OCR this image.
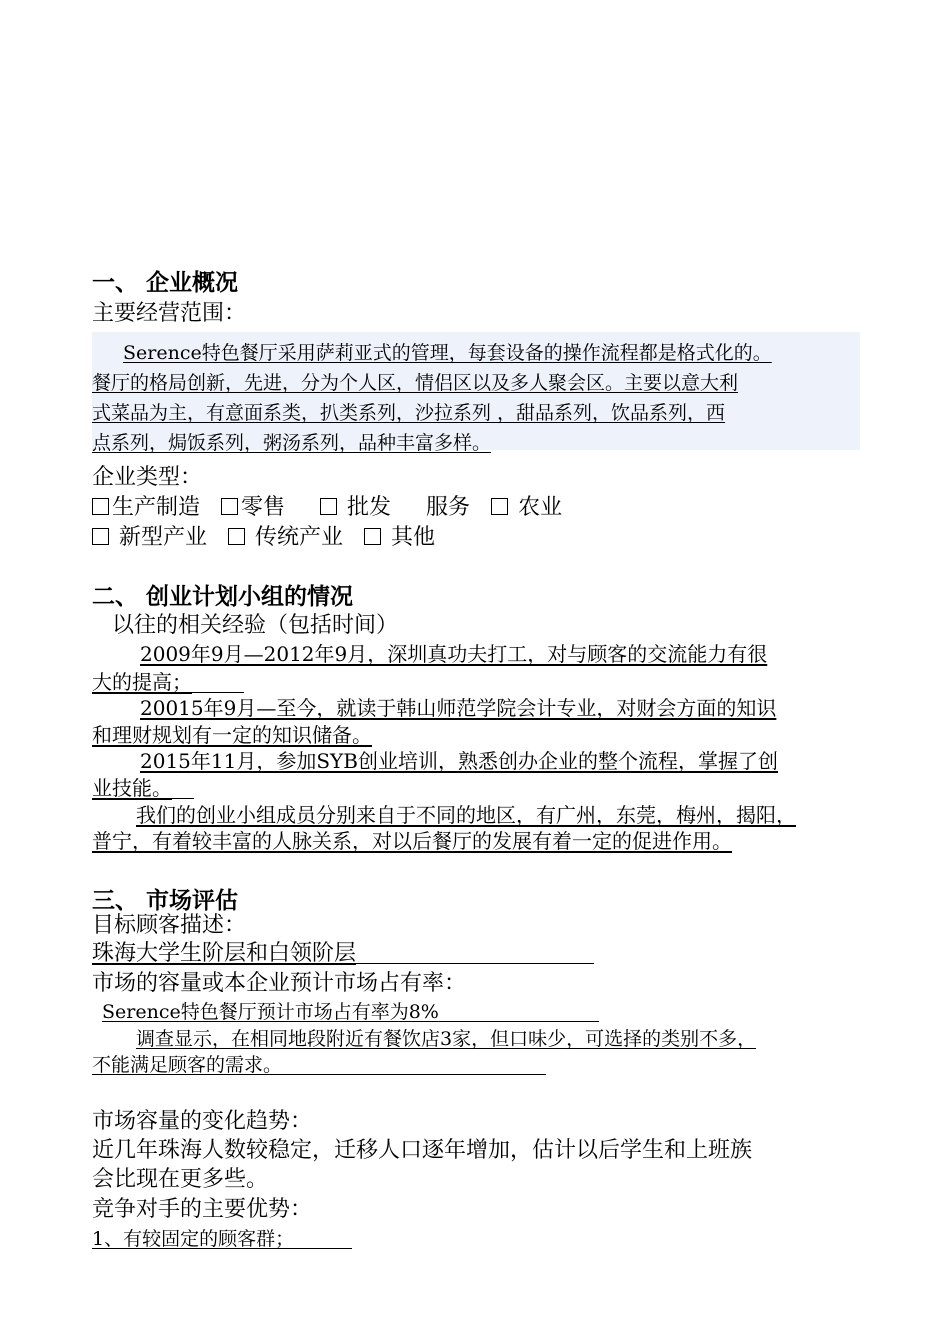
一、 企业概况
主要经营范围：
Serence特色餐厅采用萨莉亚式的管理，每套设备的操作流程都是格式化的。
餐厅的格局创新，先进，分为个人区，情侣区以及多人聚会区。主要以意大利
式菜品为主，有意面系类，扒类系列，沙拉系列 ，甜品系列，饮品系列，西
点系列，焗饭系列，粥汤系列，品种丰富多样。
企业类型：
生产制造 零售	批发 服务 农业
新型产业 传统产业 其他
二、 创业计划小组的情况
以往的相关经验（包括时间）
2009年9月—2012年9月，深圳真功夫打工，对与顾客的交流能力有很
大的提高；
20015年9月—至今，就读于韩山师范学院会计专业，对财会方面的知识
和理财规划有一定的知识储备。
2015年11月，参加SYB创业培训，熟悉创办企业的整个流程，掌握了创
业技能。
我们的创业小组成员分别来自于不同的地区，有广州，东莞，梅州，揭阳，
普宁，有着较丰富的人脉关系，对以后餐厅的发展有着一定的促进作用。
三、 市场评估
目标顾客描述：
珠海大学生阶层和白领阶层
市场的容量或本企业预计市场占有率：
Serence特色餐厅预计市场占有率为8%
调查显示，在相同地段附近有餐饮店3家，但口味少，可选择的类别不多，
不能满足顾客的需求。
市场容量的变化趋势：
近几年珠海人数较稳定，迁移人口逐年增加，估计以后学生和上班族
会比现在更多些。
竞争对手的主要优势：
1、有较固定的顾客群；
